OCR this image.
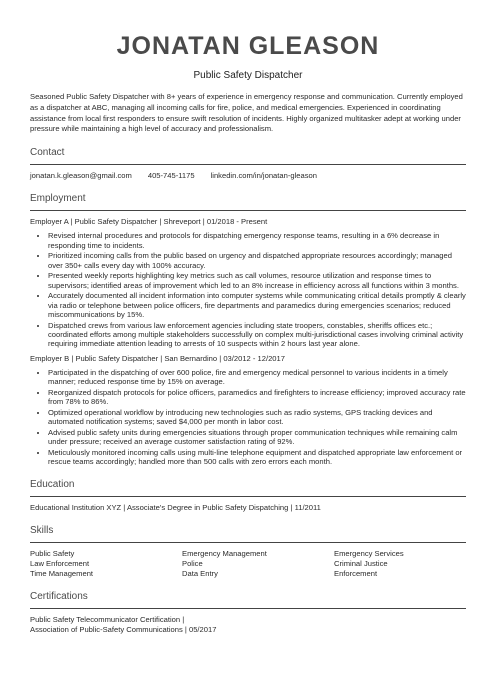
JONATAN GLEASON
Public Safety Dispatcher

Seasoned Public Safety Dispatcher with 8+ years of experience in emergency response and communication. Currently employed as a dispatcher at ABC, managing all incoming calls for fire, police, and medical emergencies. Experienced in coordinating assistance from local first responders to ensure swift resolution of incidents. Highly organized multitasker adept at working under pressure while maintaining a high level of accuracy and professionalism.

Contact
jonatan.k.gleason@gmail.com 405-745-1175 linkedin.com/in/jonatan-gleason
Employment
Employer A | Public Safety Dispatcher | Shreveport | 01/2018 - Present
• Revised internal procedures and protocols for dispatching emergency response teams, resulting in a 6% decrease in responding time to incidents.
• Prioritized incoming calls from the public based on urgency and dispatched appropriate resources accordingly; managed over 350+ calls every day with 100% accuracy.
• Presented weekly reports highlighting key metrics such as call volumes, resource utilization and response times to supervisors; identified areas of improvement which led to an 8% increase in efficiency across all functions within 3 months.
• Accurately documented all incident information into computer systems while communicating critical details promptly & clearly via radio or telephone between police officers, fire departments and paramedics during emergencies scenarios; reduced miscommunications by 15%.
• Dispatched crews from various law enforcement agencies including state troopers, constables, sheriffs offices etc.; coordinated efforts among multiple stakeholders successfully on complex multi-jurisdictional cases involving criminal activity requiring immediate attention leading to arrests of 10 suspects within 2 hours last year alone.
Employer B | Public Safety Dispatcher | San Bernardino | 03/2012 - 12/2017
• Participated in the dispatching of over 600 police, fire and emergency medical personnel to various incidents in a timely manner; reduced response time by 15% on average.
• Reorganized dispatch protocols for police officers, paramedics and firefighters to increase efficiency; improved accuracy rate from 78% to 86%.
• Optimized operational workflow by introducing new technologies such as radio systems, GPS tracking devices and automated notification systems; saved $4,000 per month in labor cost.
• Advised public safety units during emergencies situations through proper communication techniques while remaining calm under pressure; received an average customer satisfaction rating of 92%.
• Meticulously monitored incoming calls using multi-line telephone equipment and dispatched appropriate law enforcement or rescue teams accordingly; handled more than 500 calls with zero errors each month.
Education
Educational Institution XYZ | Associate's Degree in Public Safety Dispatching | 11/2011
Skills
Public Safety	Emergency Management	Emergency Services
Law Enforcement	Police	Criminal Justice
Time Management	Data Entry	Enforcement
Certifications
Public Safety Telecommunicator Certification |
Association of Public-Safety Communications | 05/2017
